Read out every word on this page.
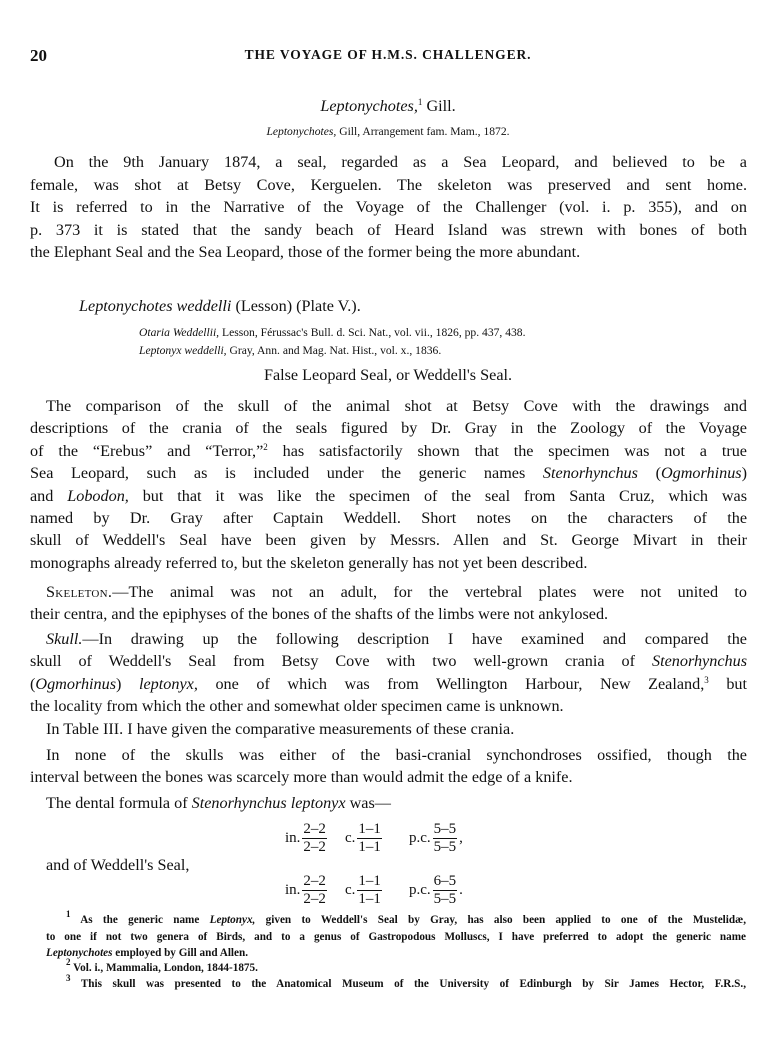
20	THE VOYAGE OF H.M.S. CHALLENGER.
Leptonychotes,$^1$ Gill.
Leptonychotes, Gill, Arrangement fam. Mam., 1872.
On the 9th January 1874, a seal, regarded as a Sea Leopard, and believed to be a
female, was shot at Betsy Cove, Kerguelen. The skeleton was preserved and sent home.
It is referred to in the Narrative of the Voyage of the Challenger (vol. i. p. 355), and on
p. 373 it is stated that the sandy beach of Heard Island was strewn with bones of both
the Elephant Seal and the Sea Leopard, those of the former being the more abundant.
Leptonychotes weddelli (Lesson) (Plate V.).
Otaria Weddellii, Lesson, Férussac's Bull. d. Sci. Nat., vol. vii., 1826, pp. 437, 438.
Leptonyx weddelli, Gray, Ann. and Mag. Nat. Hist., vol. x., 1836.
False Leopard Seal, or Weddell's Seal.
The comparison of the skull of the animal shot at Betsy Cove with the drawings and
descriptions of the crania of the seals figured by Dr. Gray in the Zoology of the Voyage
of the “Erebus” and “Terror,”$^2$ has satisfactorily shown that the specimen was not a true
Sea Leopard, such as is included under the generic names Stenorhynchus (Ogmorhinus)
and Lobodon, but that it was like the specimen of the seal from Santa Cruz, which was
named by Dr. Gray after Captain Weddell. Short notes on the characters of the
skull of Weddell's Seal have been given by Messrs. Allen and St. George Mivart in their
monographs already referred to, but the skeleton generally has not yet been described.
Skeleton.—The animal was not an adult, for the vertebral plates were not united to
their centra, and the epiphyses of the bones of the shafts of the limbs were not ankylosed.
Skull.—In drawing up the following description I have examined and compared the
skull of Weddell's Seal from Betsy Cove with two well-grown crania of Stenorhynchus
(Ogmorhinus) leptonyx, one of which was from Wellington Harbour, New Zealand,$^3$ but
the locality from which the other and somewhat older specimen came is unknown.
In Table III. I have given the comparative measurements of these crania.
In none of the skulls was either of the basi-cranial synchondroses ossified, though the
interval between the bones was scarcely more than would admit the edge of a knife.
The dental formula of Stenorhynchus leptonyx was—
in. $\frac{2-2}{2-2} c$. $\frac{1-1}{1-1} p.c$. $\frac{5-5}{5-5}$ ,
and of Weddell's Seal,
in. $\frac{2-2}{2-2} c$. $\frac{1-1}{1-1} p.c$. $\frac{6-5}{5-5}$ .
$^1$ As the generic name Leptonyx, given to Weddell's Seal by Gray, has also been applied to one of the Mustelidæ,
to one if not two genera of Birds, and to a genus of Gastropodous Molluscs, I have preferred to adopt the generic name
Leptonychotes employed by Gill and Allen.
$^2$ Vol. i., Mammalia, London, 1844-1875.
$^3$ This skull was presented to the Anatomical Museum of the University of Edinburgh by Sir James Hector, F.R.S.,
